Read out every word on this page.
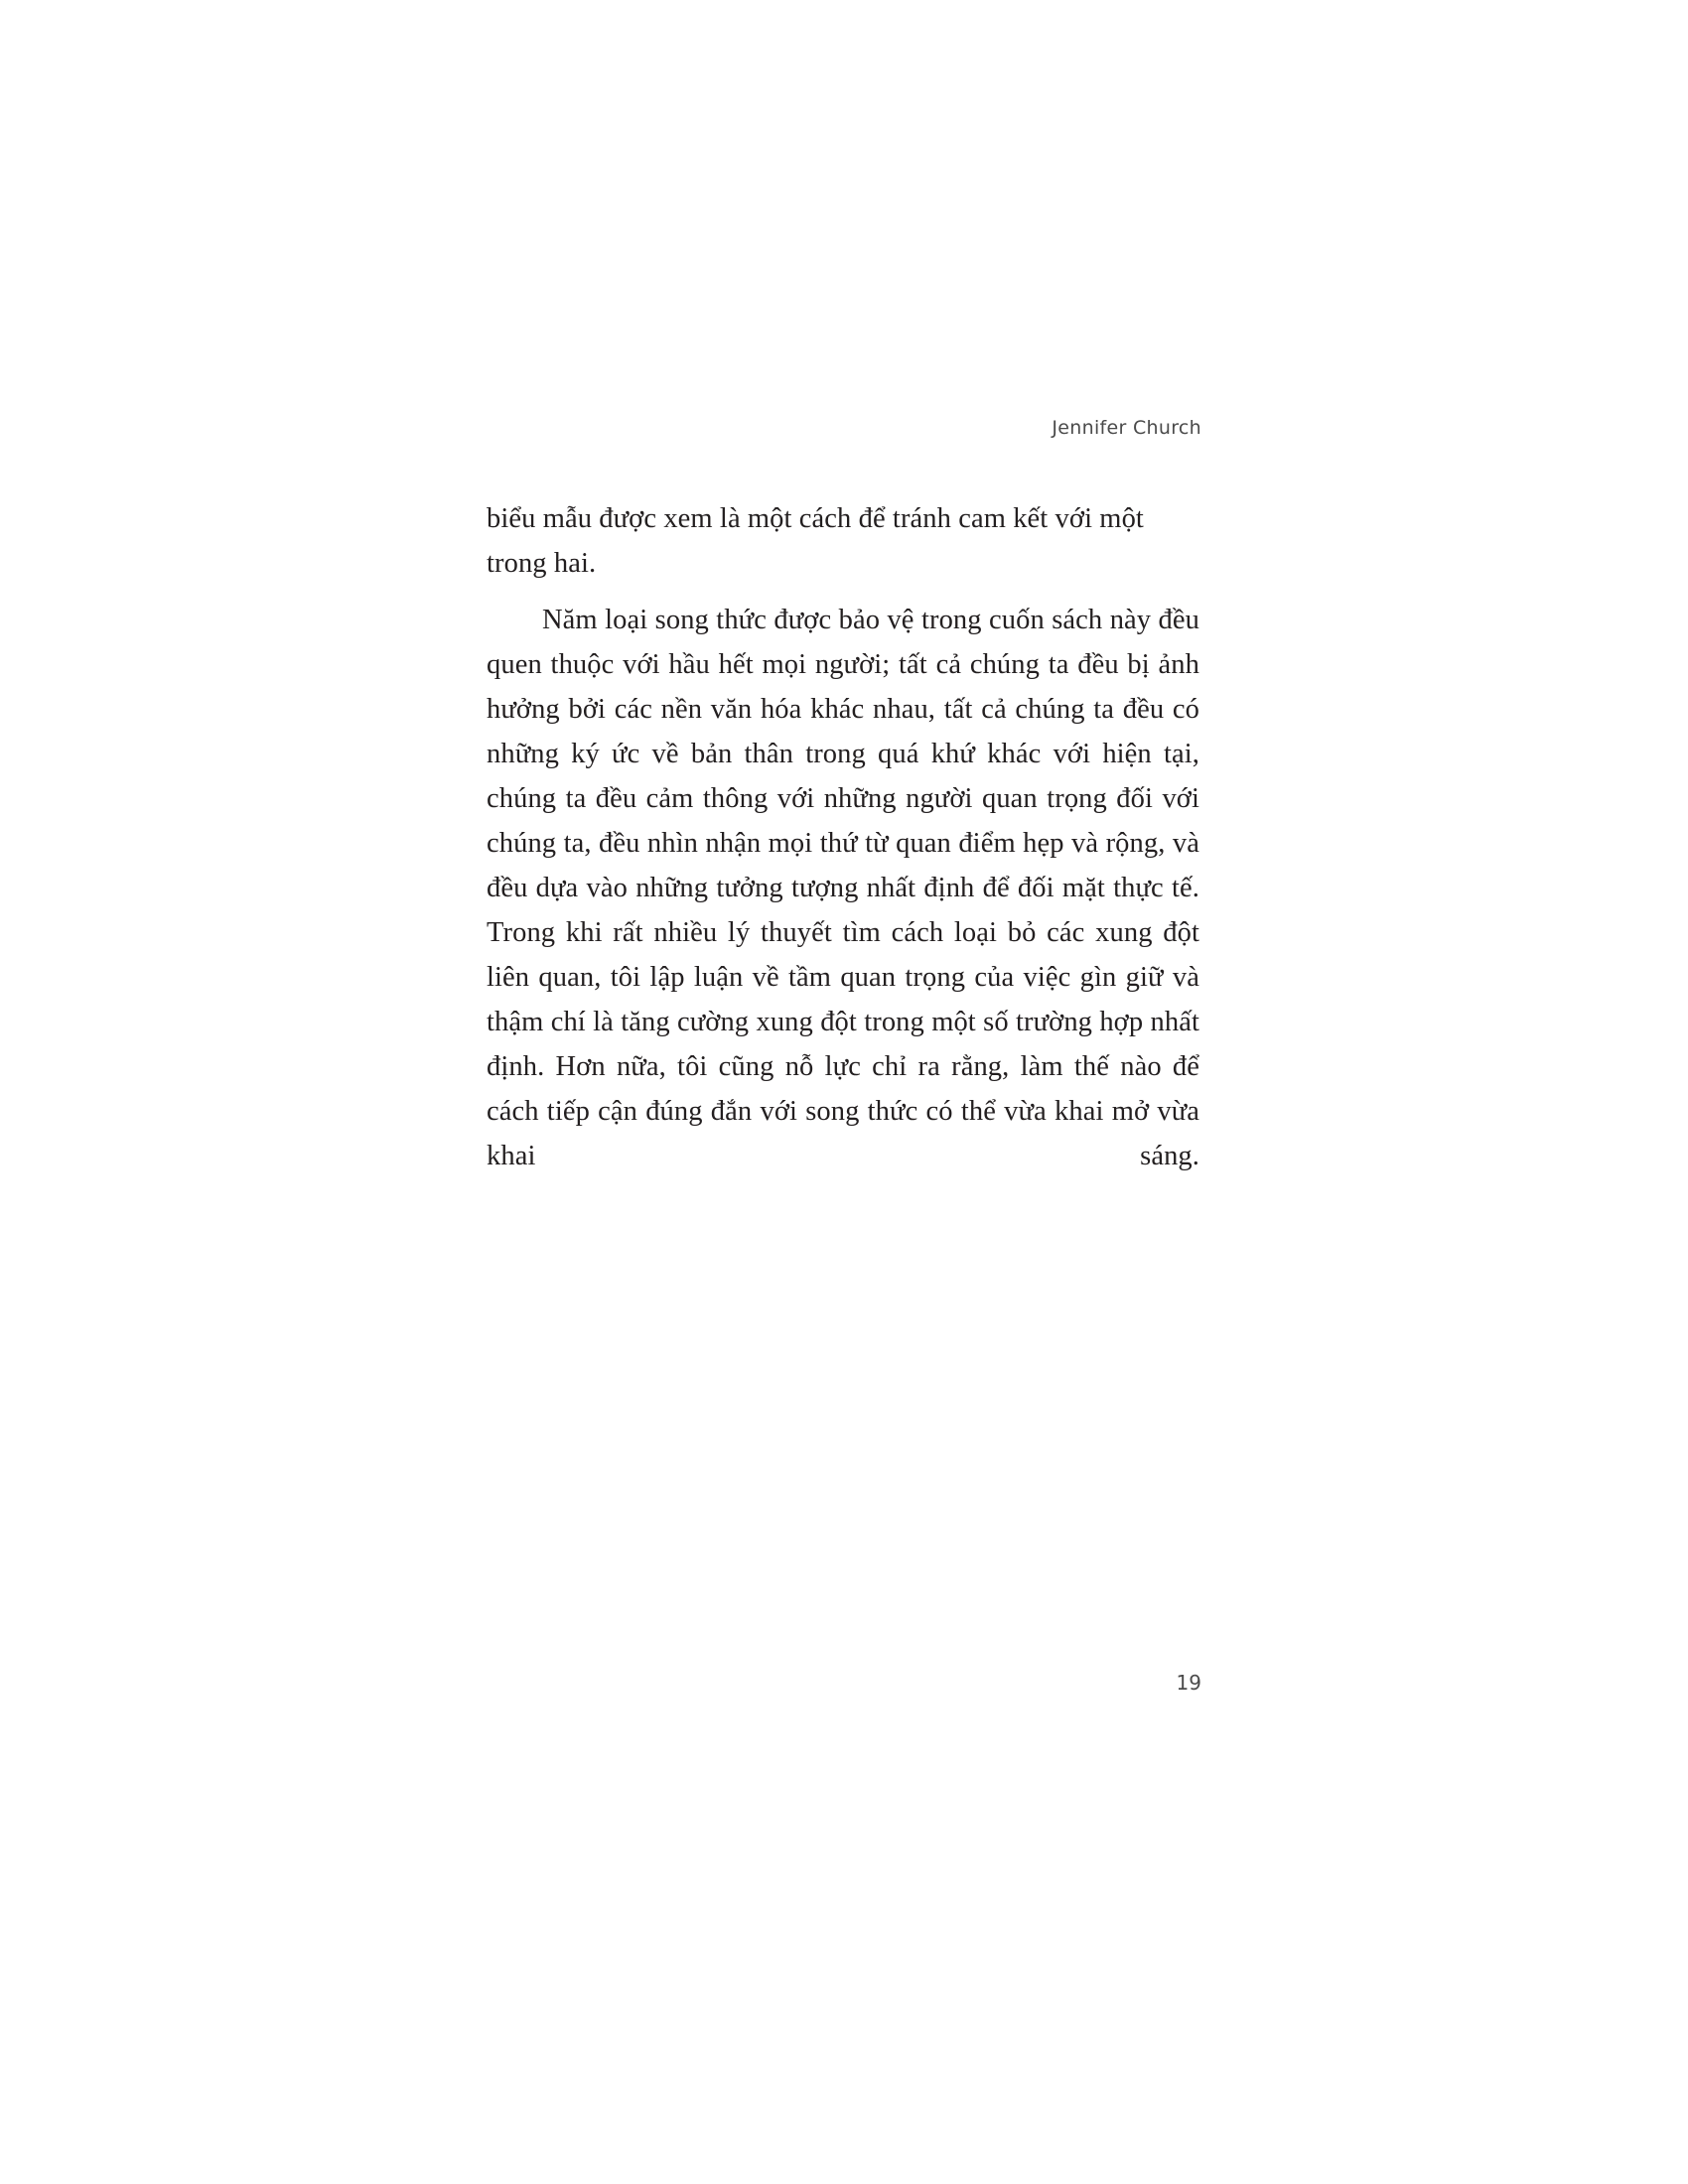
Jennifer Church

biểu mẫu được xem là một cách để tránh cam kết với một trong hai.

Năm loại song thức được bảo vệ trong cuốn sách này đều quen thuộc với hầu hết mọi người; tất cả chúng ta đều bị ảnh hưởng bởi các nền văn hóa khác nhau, tất cả chúng ta đều có những ký ức về bản thân trong quá khứ khác với hiện tại, chúng ta đều cảm thông với những người quan trọng đối với chúng ta, đều nhìn nhận mọi thứ từ quan điểm hẹp và rộng, và đều dựa vào những tưởng tượng nhất định để đối mặt thực tế. Trong khi rất nhiều lý thuyết tìm cách loại bỏ các xung đột liên quan, tôi lập luận về tầm quan trọng của việc gìn giữ và thậm chí là tăng cường xung đột trong một số trường hợp nhất định. Hơn nữa, tôi cũng nỗ lực chỉ ra rằng, làm thế nào để cách tiếp cận đúng đắn với song thức có thể vừa khai mở vừa khai sáng.

19
